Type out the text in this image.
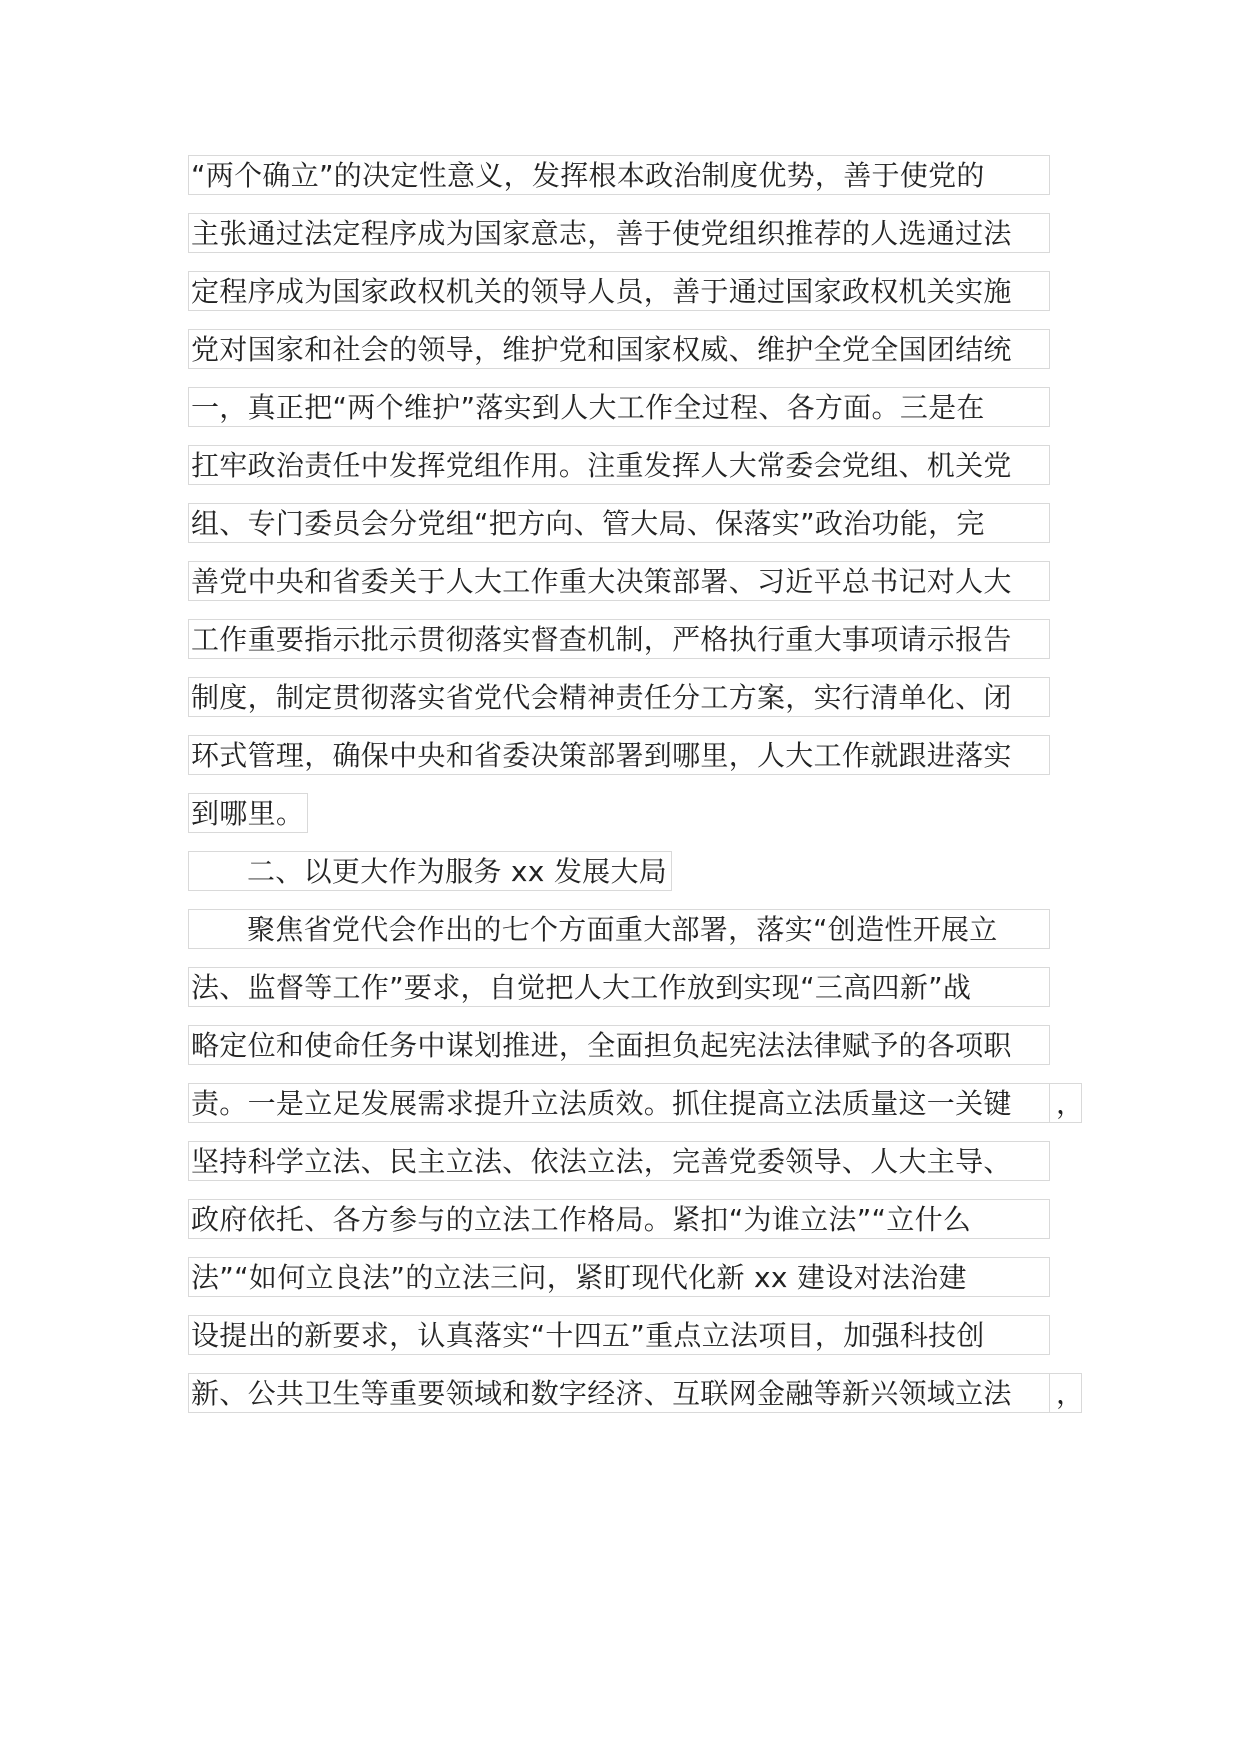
“两个确立”的决定性意义，发挥根本政治制度优势，善于使党的
主张通过法定程序成为国家意志，善于使党组织推荐的人选通过法
定程序成为国家政权机关的领导人员，善于通过国家政权机关实施
党对国家和社会的领导，维护党和国家权威、维护全党全国团结统
一，真正把“两个维护”落实到人大工作全过程、各方面。三是在
扛牢政治责任中发挥党组作用。注重发挥人大常委会党组、机关党
组、专门委员会分党组“把方向、管大局、保落实”政治功能，完
善党中央和省委关于人大工作重大决策部署、习近平总书记对人大
工作重要指示批示贯彻落实督查机制，严格执行重大事项请示报告
制度，制定贯彻落实省党代会精神责任分工方案，实行清单化、闭
环式管理，确保中央和省委决策部署到哪里，人大工作就跟进落实
到哪里。
二、以更大作为服务 xx 发展大局
聚焦省党代会作出的七个方面重大部署，落实“创造性开展立
法、监督等工作”要求，自觉把人大工作放到实现“三高四新”战
略定位和使命任务中谋划推进，全面担负起宪法法律赋予的各项职
责。一是立足发展需求提升立法质效。抓住提高立法质量这一关键	，
坚持科学立法、民主立法、依法立法，完善党委领导、人大主导、
政府依托、各方参与的立法工作格局。紧扣“为谁立法”“立什么
法”“如何立良法”的立法三问，紧盯现代化新 xx 建设对法治建
设提出的新要求，认真落实“十四五”重点立法项目，加强科技创
新、公共卫生等重要领域和数字经济、互联网金融等新兴领域立法	，
